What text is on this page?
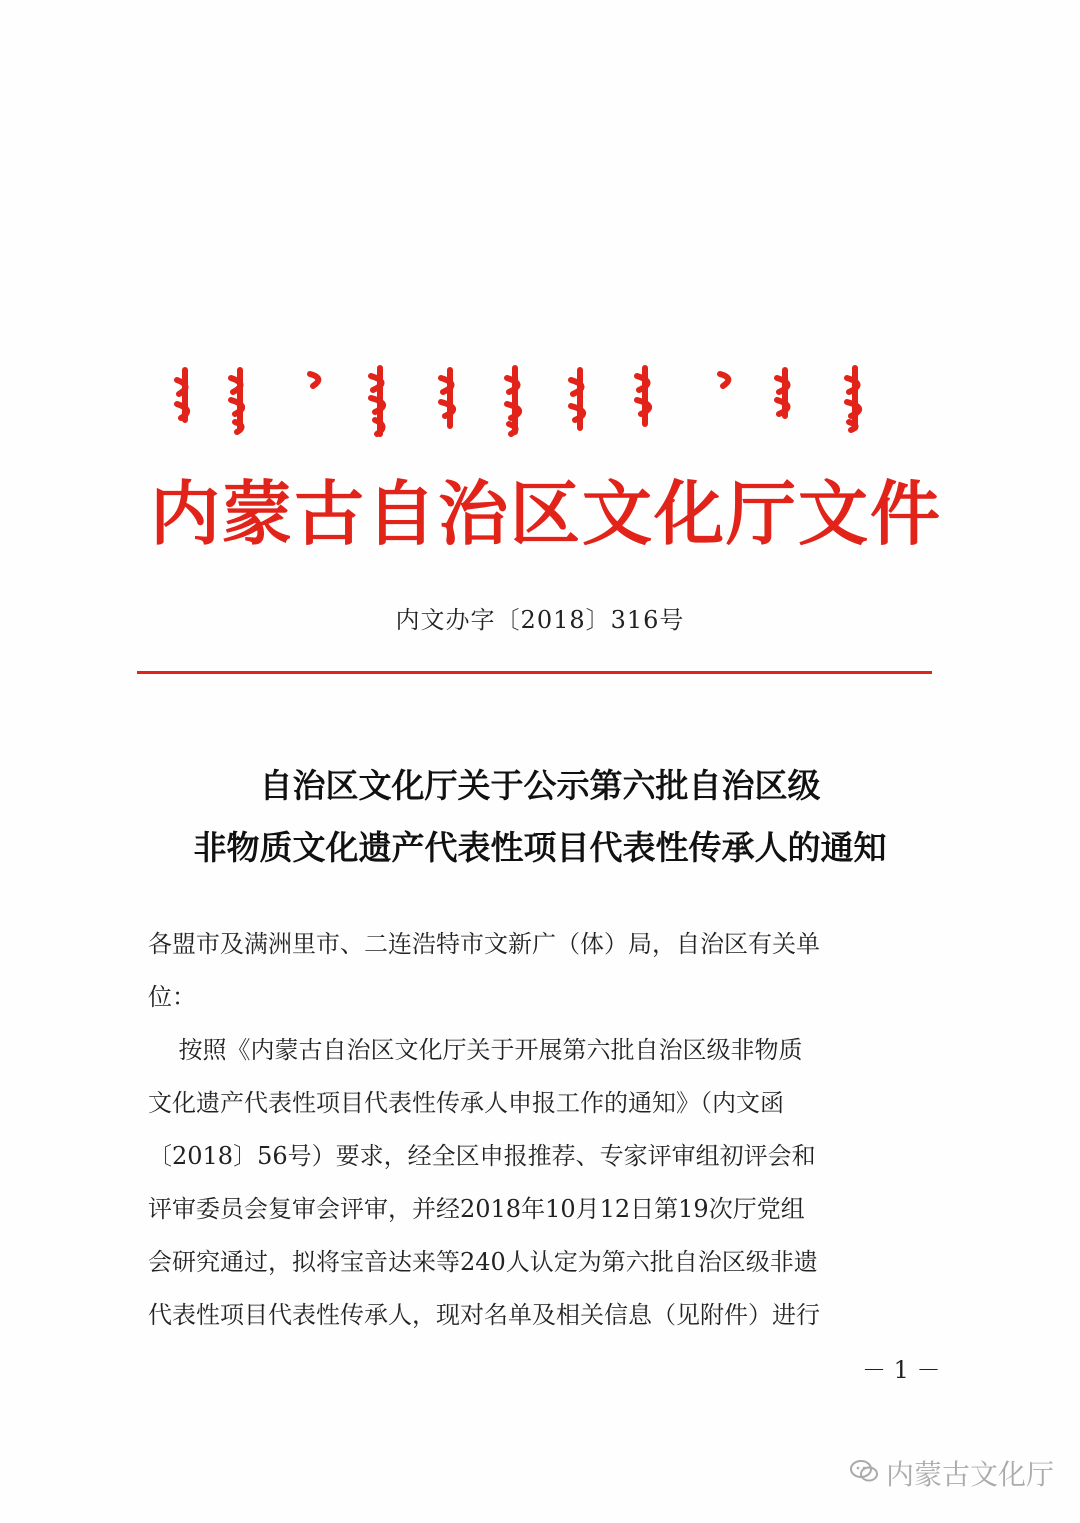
内蒙古自治区文化厅文件
内文办字〔2018〕316号
自治区文化厅关于公示第六批自治区级
非物质文化遗产代表性项目代表性传承人的通知
各盟市及满洲里市、二连浩特市文新广（体）局，自治区有关单
位：
按照《内蒙古自治区文化厅关于开展第六批自治区级非物质
文化遗产代表性项目代表性传承人申报工作的通知》（内文函
〔2018〕56号）要求，经全区申报推荐、专家评审组初评会和
评审委员会复审会评审，并经2018年10月12日第19次厅党组
会研究通过，拟将宝音达来等240人认定为第六批自治区级非遗
代表性项目代表性传承人，现对名单及相关信息（见附件）进行
－ 1 －
内蒙古文化厅
